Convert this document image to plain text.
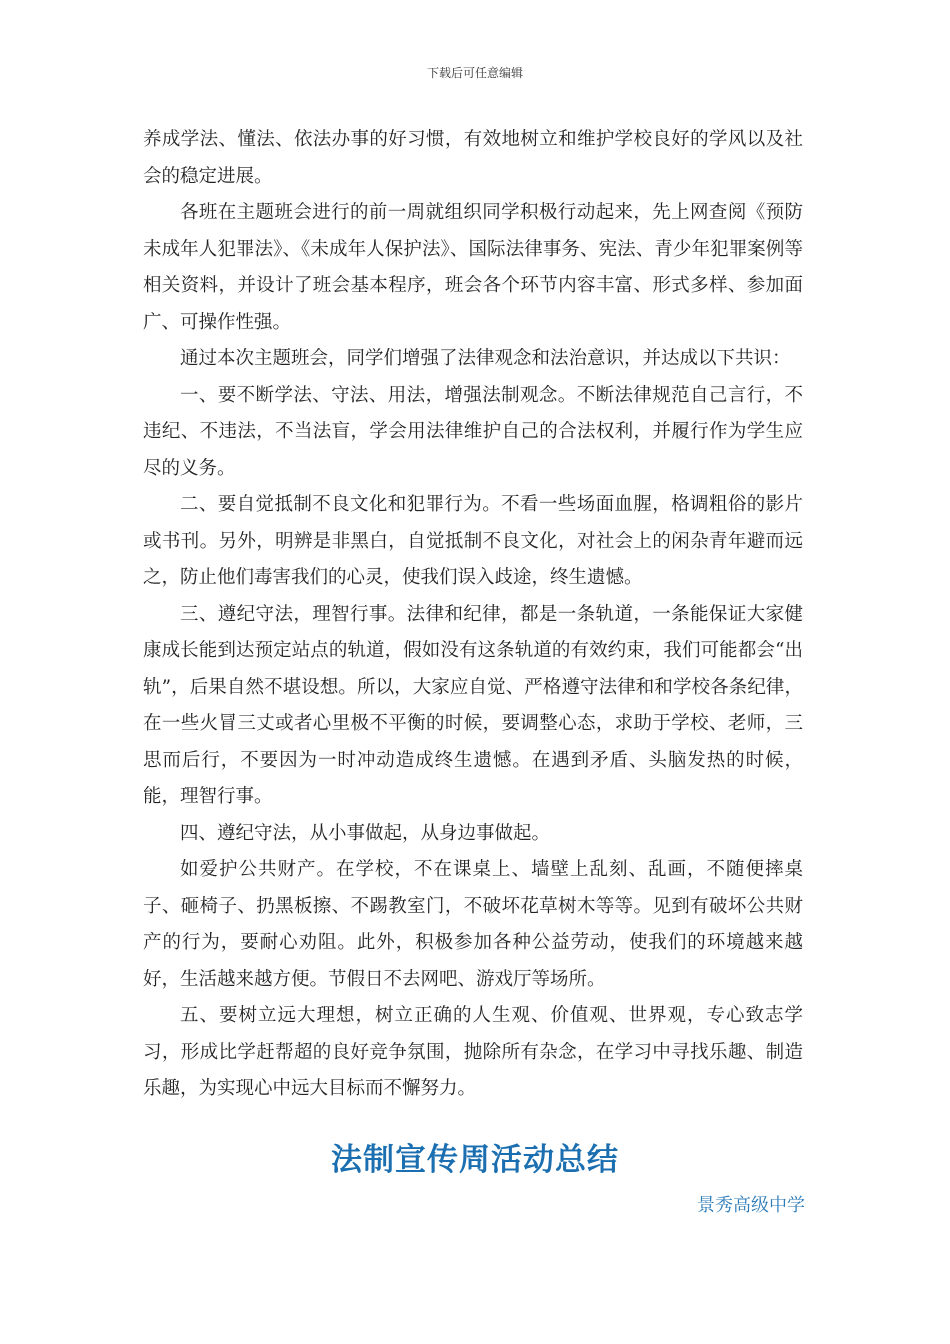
下载后可任意编辑

养成学法、懂法、依法办事的好习惯，有效地树立和维护学校良好的学风以及社会的稳定进展。

各班在主题班会进行的前一周就组织同学积极行动起来，先上网查阅《预防未成年人犯罪法》、《未成年人保护法》、国际法律事务、宪法、青少年犯罪案例等相关资料，并设计了班会基本程序，班会各个环节内容丰富、形式多样、参加面广、可操作性强。

通过本次主题班会，同学们增强了法律观念和法治意识，并达成以下共识：

一、要不断学法、守法、用法，增强法制观念。不断法律规范自己言行，不违纪、不违法，不当法盲，学会用法律维护自己的合法权利，并履行作为学生应尽的义务。

二、要自觉抵制不良文化和犯罪行为。不看一些场面血腥，格调粗俗的影片或书刊。另外，明辨是非黑白，自觉抵制不良文化，对社会上的闲杂青年避而远之，防止他们毒害我们的心灵，使我们误入歧途，终生遗憾。

三、遵纪守法，理智行事。法律和纪律，都是一条轨道，一条能保证大家健康成长能到达预定站点的轨道，假如没有这条轨道的有效约束，我们可能都会“出轨”，后果自然不堪设想。所以，大家应自觉、严格遵守法律和和学校各条纪律，在一些火冒三丈或者心里极不平衡的时候，要调整心态，求助于学校、老师，三思而后行，不要因为一时冲动造成终生遗憾。在遇到矛盾、头脑发热的时候，能，理智行事。

四、遵纪守法，从小事做起，从身边事做起。

如爱护公共财产。在学校，不在课桌上、墙壁上乱刻、乱画，不随便摔桌子、砸椅子、扔黑板擦、不踢教室门，不破坏花草树木等等。见到有破坏公共财产的行为，要耐心劝阻。此外，积极参加各种公益劳动，使我们的环境越来越好，生活越来越方便。节假日不去网吧、游戏厅等场所。

五、要树立远大理想，树立正确的人生观、价值观、世界观，专心致志学习，形成比学赶帮超的良好竞争氛围，抛除所有杂念，在学习中寻找乐趣、制造乐趣，为实现心中远大目标而不懈努力。

法制宣传周活动总结
景秀高级中学
